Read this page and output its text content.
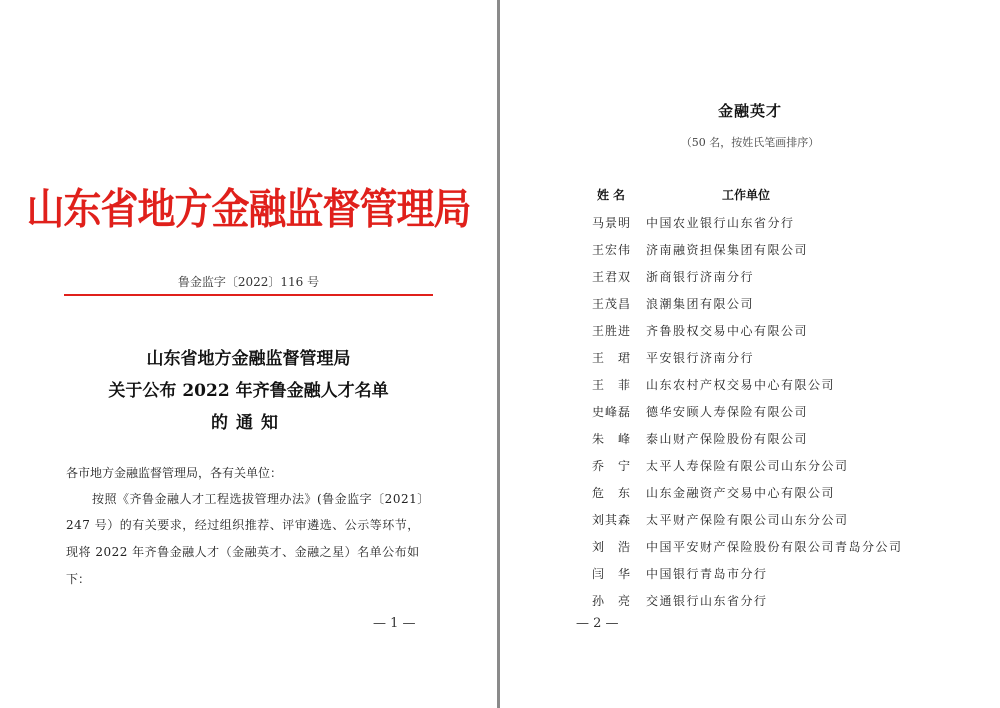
山东省地方金融监督管理局
鲁金监字〔2022〕116 号
山东省地方金融监督管理局
关于公布 2022 年齐鲁金融人才名单
的通知
各市地方金融监督管理局，各有关单位：
按照《齐鲁金融人才工程选拔管理办法》(鲁金监字〔2021〕
247 号）的有关要求，经过组织推荐、评审遴选、公示等环节，
现将 2022 年齐鲁金融人才（金融英才、金融之星）名单公布如
下：
— 1 —
金融英才
（50 名，按姓氏笔画排序）
姓名	工作单位
马景明 中国农业银行山东省分行
王宏伟 济南融资担保集团有限公司
王君双 浙商银行济南分行
王茂昌 浪潮集团有限公司
王胜进 齐鲁股权交易中心有限公司
王　珺 平安银行济南分行
王　菲 山东农村产权交易中心有限公司
史峰磊 德华安顾人寿保险有限公司
朱　峰 泰山财产保险股份有限公司
乔　宁 太平人寿保险有限公司山东分公司
危　东 山东金融资产交易中心有限公司
刘其森 太平财产保险有限公司山东分公司
刘　浩 中国平安财产保险股份有限公司青岛分公司
闫　华 中国银行青岛市分行
孙　亮 交通银行山东省分行
— 2 —
